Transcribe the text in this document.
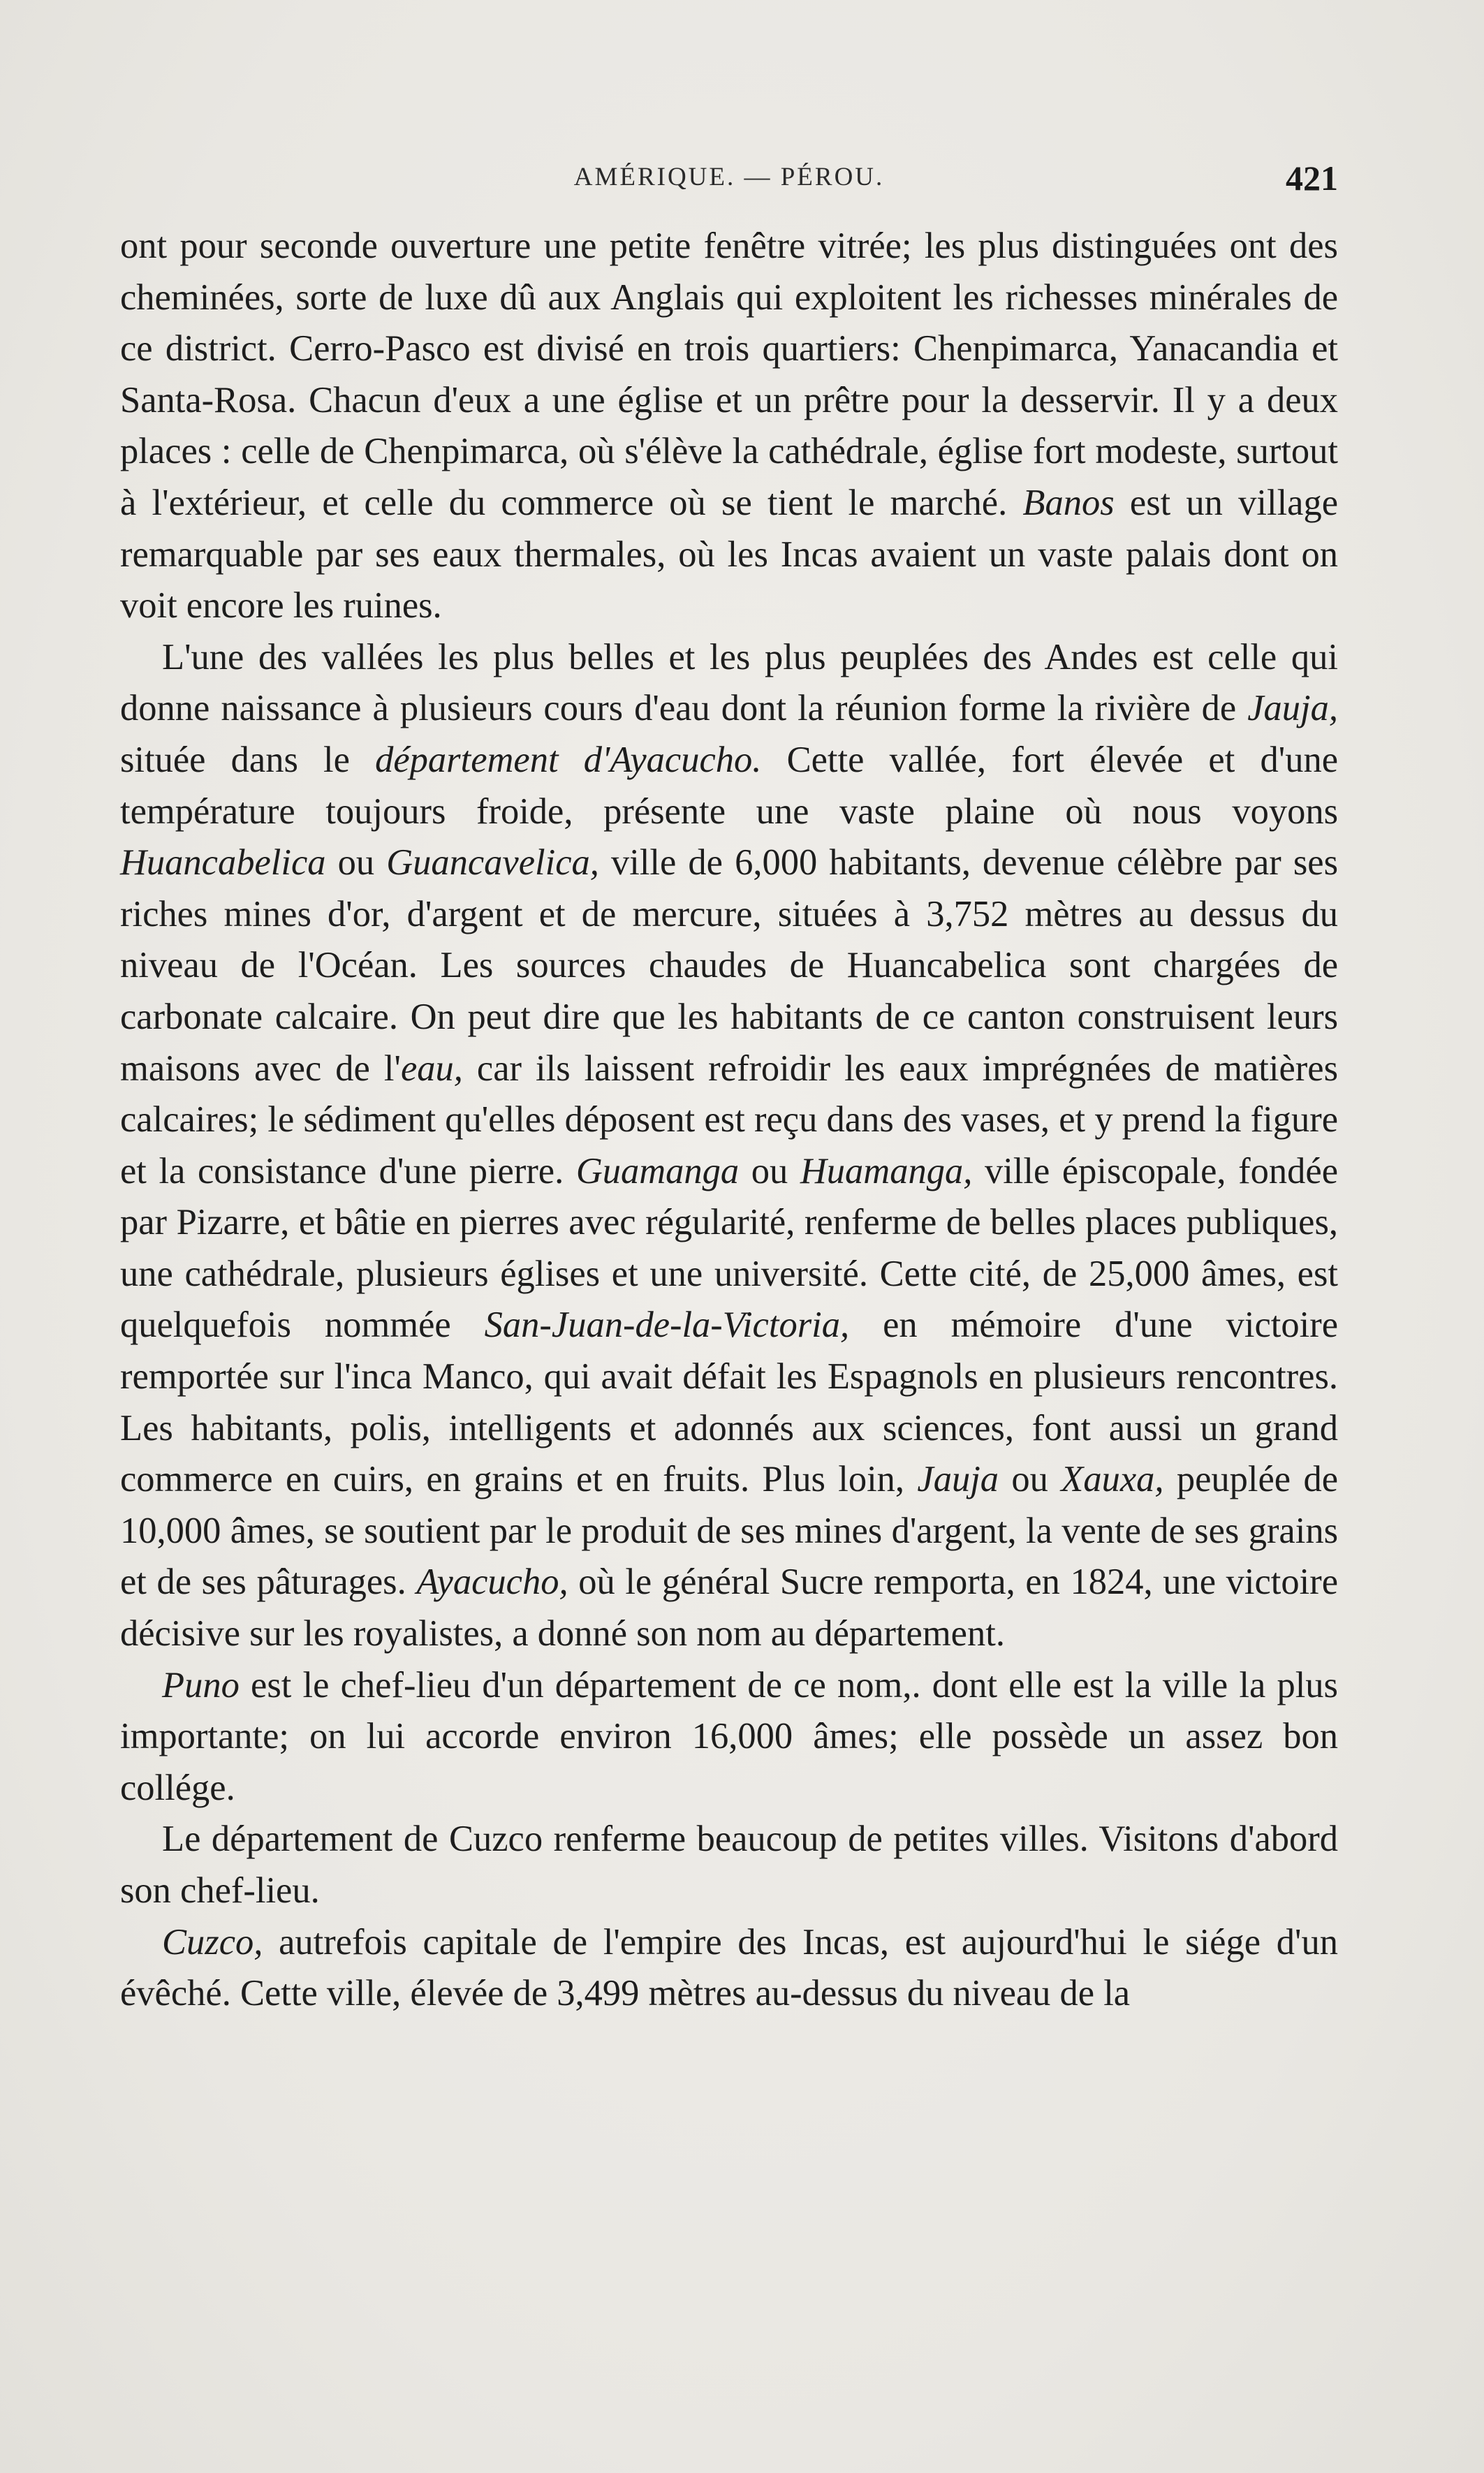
AMÉRIQUE. — PÉROU.	421

ont pour seconde ouverture une petite fenêtre vitrée; les plus distinguées ont des cheminées, sorte de luxe dû aux Anglais qui exploitent les richesses minérales de ce district. Cerro-Pasco est divisé en trois quartiers: Chenpimarca, Yanacandia et Santa-Rosa. Chacun d'eux a une église et un prêtre pour la desservir. Il y a deux places : celle de Chenpimarca, où s'élève la cathédrale, église fort modeste, surtout à l'extérieur, et celle du commerce où se tient le marché. Banos est un village remarquable par ses eaux thermales, où les Incas avaient un vaste palais dont on voit encore les ruines.

L'une des vallées les plus belles et les plus peuplées des Andes est celle qui donne naissance à plusieurs cours d'eau dont la réunion forme la rivière de Jauja, située dans le département d'Ayacucho. Cette vallée, fort élevée et d'une température toujours froide, présente une vaste plaine où nous voyons Huancabelica ou Guancavelica, ville de 6,000 habitants, devenue célèbre par ses riches mines d'or, d'argent et de mercure, situées à 3,752 mètres au dessus du niveau de l'Océan. Les sources chaudes de Huancabelica sont chargées de carbonate calcaire. On peut dire que les habitants de ce canton construisent leurs maisons avec de l'eau, car ils laissent refroidir les eaux imprégnées de matières calcaires; le sédiment qu'elles déposent est reçu dans des vases, et y prend la figure et la consistance d'une pierre. Guamanga ou Huamanga, ville épiscopale, fondée par Pizarre, et bâtie en pierres avec régularité, renferme de belles places publiques, une cathédrale, plusieurs églises et une université. Cette cité, de 25,000 âmes, est quelquefois nommée San-Juan-de-la-Victoria, en mémoire d'une victoire remportée sur l'inca Manco, qui avait défait les Espagnols en plusieurs rencontres. Les habitants, polis, intelligents et adonnés aux sciences, font aussi un grand commerce en cuirs, en grains et en fruits. Plus loin, Jauja ou Xauxa, peuplée de 10,000 âmes, se soutient par le produit de ses mines d'argent, la vente de ses grains et de ses pâturages. Ayacucho, où le général Sucre remporta, en 1824, une victoire décisive sur les royalistes, a donné son nom au département.

Puno est le chef-lieu d'un département de ce nom,. dont elle est la ville la plus importante; on lui accorde environ 16,000 âmes; elle possède un assez bon collége.

Le département de Cuzco renferme beaucoup de petites villes. Visitons d'abord son chef-lieu.

Cuzco, autrefois capitale de l'empire des Incas, est aujourd'hui le siége d'un évêché. Cette ville, élevée de 3,499 mètres au-dessus du niveau de la
